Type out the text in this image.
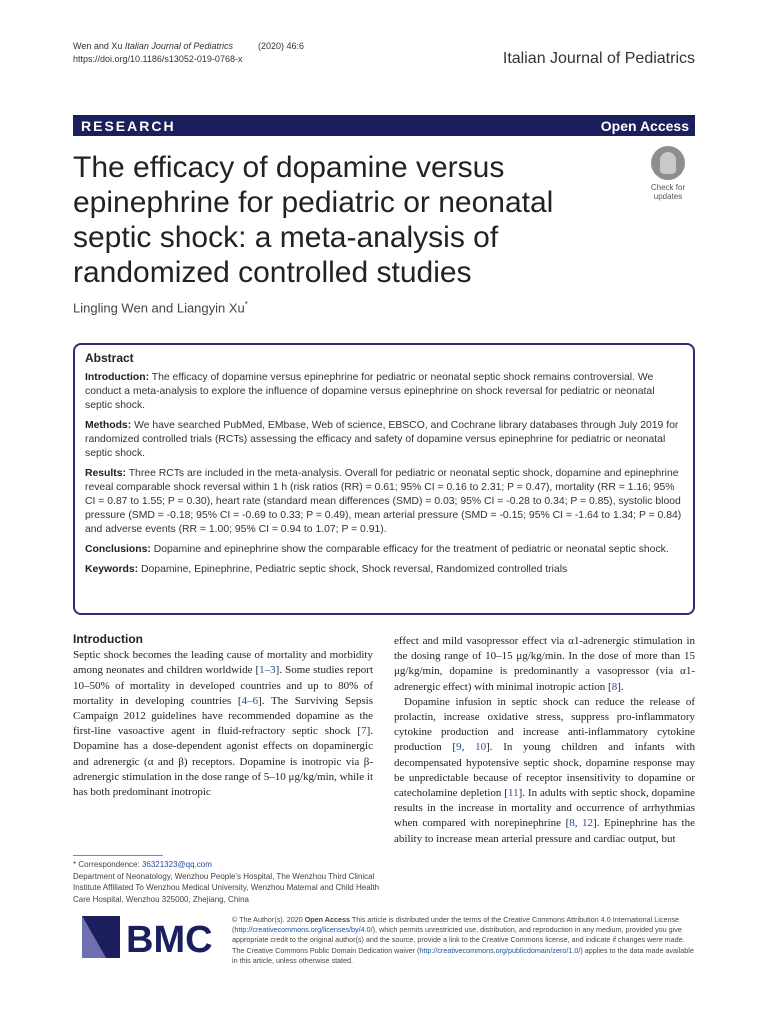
Wen and Xu Italian Journal of Pediatrics	(2020) 46:6
https://doi.org/10.1186/s13052-019-0768-x	Italian Journal of Pediatrics
RESEARCH	Open Access
The efficacy of dopamine versus epinephrine for pediatric or neonatal septic shock: a meta-analysis of randomized controlled studies
Check for
updates
Lingling Wen and Liangyin Xu*
Abstract

Introduction: The efficacy of dopamine versus epinephrine for pediatric or neonatal septic shock remains controversial. We conduct a meta-analysis to explore the influence of dopamine versus epinephrine on shock reversal for pediatric or neonatal septic shock.

Methods: We have searched PubMed, EMbase, Web of science, EBSCO, and Cochrane library databases through July 2019 for randomized controlled trials (RCTs) assessing the efficacy and safety of dopamine versus epinephrine for pediatric or neonatal septic shock.

Results: Three RCTs are included in the meta-analysis. Overall for pediatric or neonatal septic shock, dopamine and epinephrine reveal comparable shock reversal within 1 h (risk ratios (RR) = 0.61; 95% CI = 0.16 to 2.31; P = 0.47), mortality (RR = 1.16; 95% CI = 0.87 to 1.55; P = 0.30), heart rate (standard mean differences (SMD) = 0.03; 95% CI = -0.28 to 0.34; P = 0.85), systolic blood pressure (SMD = -0.18; 95% CI = -0.69 to 0.33; P = 0.49), mean arterial pressure (SMD = -0.15; 95% CI = -1.64 to 1.34; P = 0.84) and adverse events (RR = 1.00; 95% CI = 0.94 to 1.07; P = 0.91).

Conclusions: Dopamine and epinephrine show the comparable efficacy for the treatment of pediatric or neonatal septic shock.

Keywords: Dopamine, Epinephrine, Pediatric septic shock, Shock reversal, Randomized controlled trials

Introduction

Septic shock becomes the leading cause of mortality and morbidity among neonates and children worldwide [1–3]. Some studies report 10–50% of mortality in developed countries and up to 80% of mortality in developing countries [4–6]. The Surviving Sepsis Campaign 2012 guidelines have recommended dopamine as the first-line vasoactive agent in fluid-refractory septic shock [7]. Dopamine has a dose-dependent agonist effects on dopaminergic and adrenergic (α and β) receptors. Dopamine is inotropic via β-adrenergic stimulation in the dose range of 5–10 μg/kg/min, while it has both predominant inotropic

effect and mild vasopressor effect via α1-adrenergic stimulation in the dosing range of 10–15 μg/kg/min. In the dose of more than 15 μg/kg/min, dopamine is predominantly a vasopressor (via α1-adrenergic effect) with minimal inotropic action [8].

Dopamine infusion in septic shock can reduce the release of prolactin, increase oxidative stress, suppress pro-inflammatory cytokine production and increase anti-inflammatory cytokine production [9, 10]. In young children and infants with decompensated hypotensive septic shock, dopamine response may be unpredictable because of receptor insensitivity to dopamine or catecholamine depletion [11]. In adults with septic shock, dopamine results in the increase in mortality and occurrence of arrhythmias when compared with norepinephrine [8, 12]. Epinephrine has the ability to increase mean arterial pressure and cardiac output, but

* Correspondence: 36321323@qq.com
Department of Neonatology, Wenzhou People's Hospital, The Wenzhou Third Clinical Institute Affiliated To Wenzhou Medical University, Wenzhou Maternal and Child Health Care Hospital, Wenzhou 325000, Zhejiang, China
BMC	© The Author(s). 2020 Open Access This article is distributed under the terms of the Creative Commons Attribution 4.0 International License (http://creativecommons.org/licenses/by/4.0/), which permits unrestricted use, distribution, and reproduction in any medium, provided you give appropriate credit to the original author(s) and the source, provide a link to the Creative Commons license, and indicate if changes were made. The Creative Commons Public Domain Dedication waiver (http://creativecommons.org/publicdomain/zero/1.0/) applies to the data made available in this article, unless otherwise stated.
